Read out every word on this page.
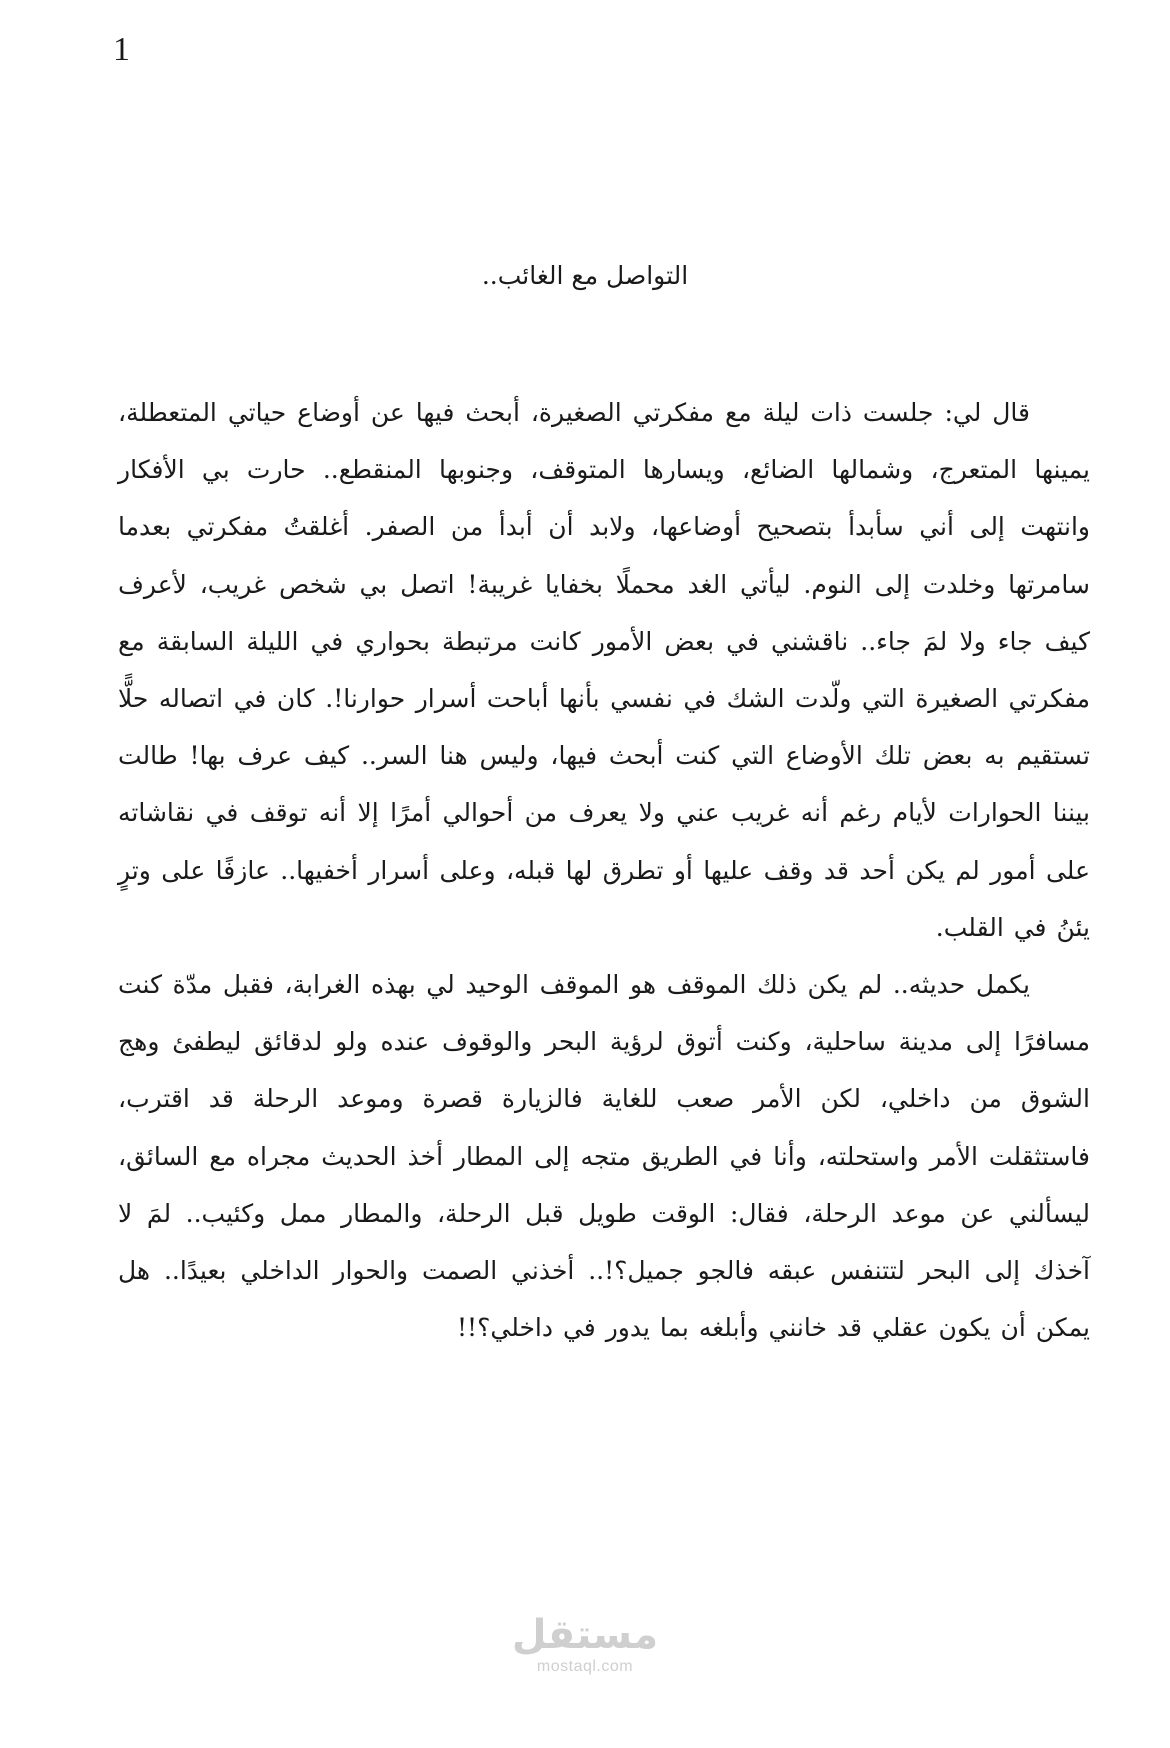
1
التواصل مع الغائب..

قال لي: جلست ذات ليلة مع مفكرتي الصغيرة، أبحث فيها عن أوضاع حياتي المتعطلة، يمينها المتعرج، وشمالها الضائع، ويسارها المتوقف، وجنوبها المنقطع.. حارت بي الأفكار وانتهت إلى أني سأبدأ بتصحيح أوضاعها، ولابد أن أبدأ من الصفر. أغلقتُ مفكرتي بعدما سامرتها وخلدت إلى النوم. ليأتي الغد محملًا بخفايا غريبة! اتصل بي شخص غريب، لأعرف كيف جاء ولا لمَ جاء.. ناقشني في بعض الأمور كانت مرتبطة بحواري في الليلة السابقة مع مفكرتي الصغيرة التي ولّدت الشك في نفسي بأنها أباحت أسرار حوارنا!. كان في اتصاله حلًّا تستقيم به بعض تلك الأوضاع التي كنت أبحث فيها، وليس هنا السر.. كيف عرف بها! طالت بيننا الحوارات لأيام رغم أنه غريب عني ولا يعرف من أحوالي أمرًا إلا أنه توقف في نقاشاته على أمور لم يكن أحد قد وقف عليها أو تطرق لها قبله، وعلى أسرار أخفيها.. عازفًا على وترٍ يئنُ في القلب.

يكمل حديثه.. لم يكن ذلك الموقف هو الموقف الوحيد لي بهذه الغرابة، فقبل مدّة كنت مسافرًا إلى مدينة ساحلية، وكنت أتوق لرؤية البحر والوقوف عنده ولو لدقائق ليطفئ وهج الشوق من داخلي، لكن الأمر صعب للغاية فالزيارة قصرة وموعد الرحلة قد اقترب، فاستثقلت الأمر واستحلته، وأنا في الطريق متجه إلى المطار أخذ الحديث مجراه مع السائق، ليسألني عن موعد الرحلة، فقال: الوقت طويل قبل الرحلة، والمطار ممل وكئيب.. لمَ لا آخذك إلى البحر لتتنفس عبقه فالجو جميل؟!.. أخذني الصمت والحوار الداخلي بعيدًا.. هل يمكن أن يكون عقلي قد خانني وأبلغه بما يدور في داخلي؟!!

مستقل
mostaql.com
